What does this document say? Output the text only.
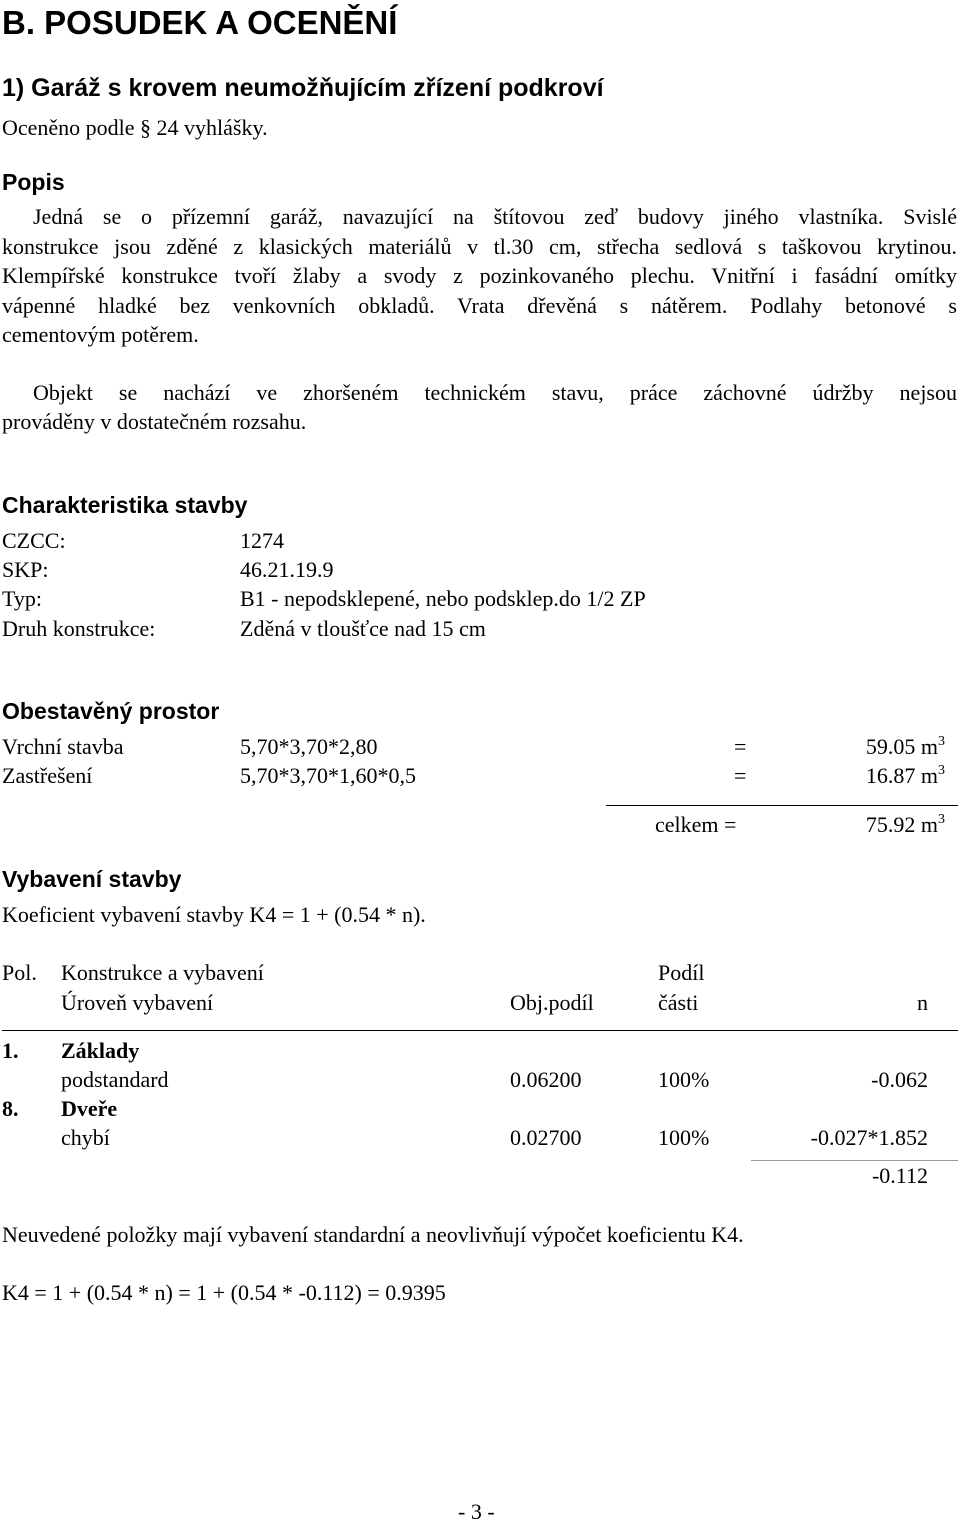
B. POSUDEK A OCENĚNÍ
1) Garáž s krovem neumožňujícím zřízení podkroví
Oceněno podle § 24 vyhlášky.
Popis
Jedná se o přízemní garáž, navazující na štítovou zeď budovy jiného vlastníka. Svislé
konstrukce jsou zděné z klasických materiálů v tl.30 cm, střecha sedlová s taškovou krytinou.
Klempířské konstrukce tvoří žlaby a svody z pozinkovaného plechu. Vnitřní i fasádní omítky
vápenné hladké bez venkovních obkladů. Vrata dřevěná s nátěrem. Podlahy betonové s
cementovým potěrem.
Objekt se nachází ve zhoršeném technickém stavu, práce záchovné údržby nejsou
prováděny v dostatečném rozsahu.
Charakteristika stavby
CZCC:	1274
SKP:	46.21.19.9
Typ:	B1 - nepodsklepené, nebo podsklep.do 1/2 ZP
Druh konstrukce:	Zděná v tloušťce nad 15 cm
Obestavěný prostor
Vrchní stavba	5,70*3,70*2,80	=	59.05 $m^3$
Zastřešení	5,70*3,70*1,60*0,5	=	16.87 $m^3$
celkem =	75.92 $m^3$
Vybavení stavby
Koeficient vybavení stavby K4 = 1 + (0.54 * n).
Pol. Konstrukce a vybavení	Podíl
Úroveň vybavení	Obj.podíl	části	n
1. Základy
podstandard	0.06200	100%	-0.062
8. Dveře
chybí	0.02700	100%	-0.027*1.852
-0.112
Neuvedené položky mají vybavení standardní a neovlivňují výpočet koeficientu K4.
K4 = 1 + (0.54 * n) = 1 + (0.54 * -0.112) = 0.9395
- 3 -
